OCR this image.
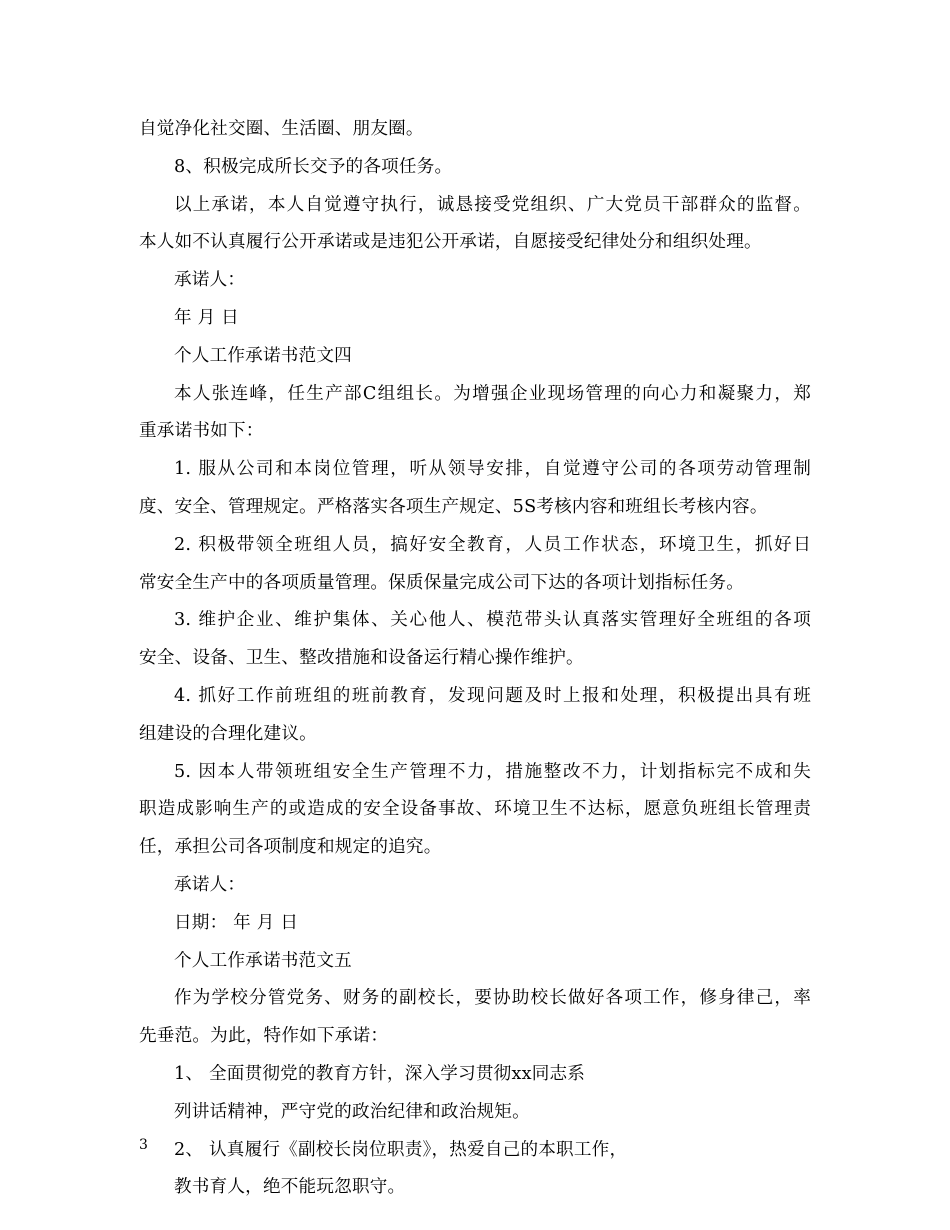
自觉净化社交圈、生活圈、朋友圈。
8、积极完成所长交予的各项任务。
以上承诺，本人自觉遵守执行，诚恳接受党组织、广大党员干部群众的监督。
本人如不认真履行公开承诺或是违犯公开承诺，自愿接受纪律处分和组织处理。
承诺人：
年 月 日
个人工作承诺书范文四
本人张连峰，任生产部C组组长。为增强企业现场管理的向心力和凝聚力，郑
重承诺书如下：
1. 服从公司和本岗位管理，听从领导安排，自觉遵守公司的各项劳动管理制
度、安全、管理规定。严格落实各项生产规定、5S考核内容和班组长考核内容。
2. 积极带领全班组人员，搞好安全教育，人员工作状态，环境卫生，抓好日
常安全生产中的各项质量管理。保质保量完成公司下达的各项计划指标任务。
3. 维护企业、维护集体、关心他人、模范带头认真落实管理好全班组的各项
安全、设备、卫生、整改措施和设备运行精心操作维护。
4. 抓好工作前班组的班前教育，发现问题及时上报和处理，积极提出具有班
组建设的合理化建议。
5. 因本人带领班组安全生产管理不力，措施整改不力，计划指标完不成和失
职造成影响生产的或造成的安全设备事故、环境卫生不达标，愿意负班组长管理责
任，承担公司各项制度和规定的追究。
承诺人：
日期： 年 月 日
个人工作承诺书范文五
作为学校分管党务、财务的副校长，要协助校长做好各项工作，修身律己，率
先垂范。为此，特作如下承诺：
1、 全面贯彻党的教育方针，深入学习贯彻xx同志系
列讲话精神，严守党的政治纪律和政治规矩。
2、 认真履行《副校长岗位职责》，热爱自己的本职工作，
教书育人，绝不能玩忽职守。
3
